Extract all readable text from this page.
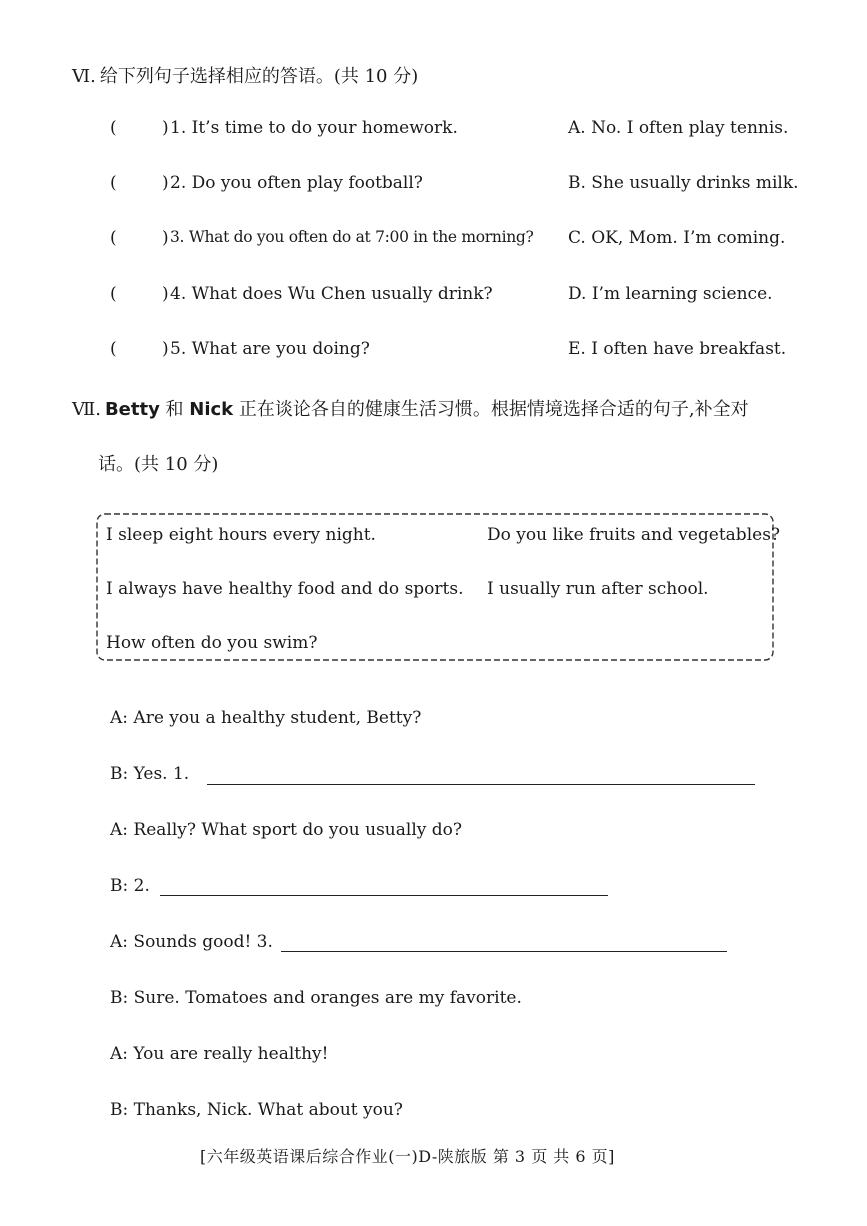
Ⅵ. 给下列句子选择相应的答语。(共 10 分)
(	) 1. It’s time to do your homework.	A. No. I often play tennis.
(	) 2. Do you often play football?	B. She usually drinks milk.
(	) 3. What do you often do at 7:00 in the morning? C. OK, Mom. I’m coming.
(	) 4. What does Wu Chen usually drink?	D. I’m learning science.
(	) 5. What are you doing?	E. I often have breakfast.
Ⅶ. Betty 和 Nick 正在谈论各自的健康生活习惯。根据情境选择合适的句子,补全对
话。(共 10 分)
I sleep eight hours every night.	Do you like fruits and vegetables?
I always have healthy food and do sports. I usually run after school.
How often do you swim?
A: Are you a healthy student, Betty?
B: Yes. 1.
A: Really? What sport do you usually do?
B: 2.
A: Sounds good! 3.
B: Sure. Tomatoes and oranges are my favorite.
A: You are really healthy!
B: Thanks, Nick. What about you?
[六年级英语课后综合作业(一)D-陕旅版 第 3 页 共 6 页]
